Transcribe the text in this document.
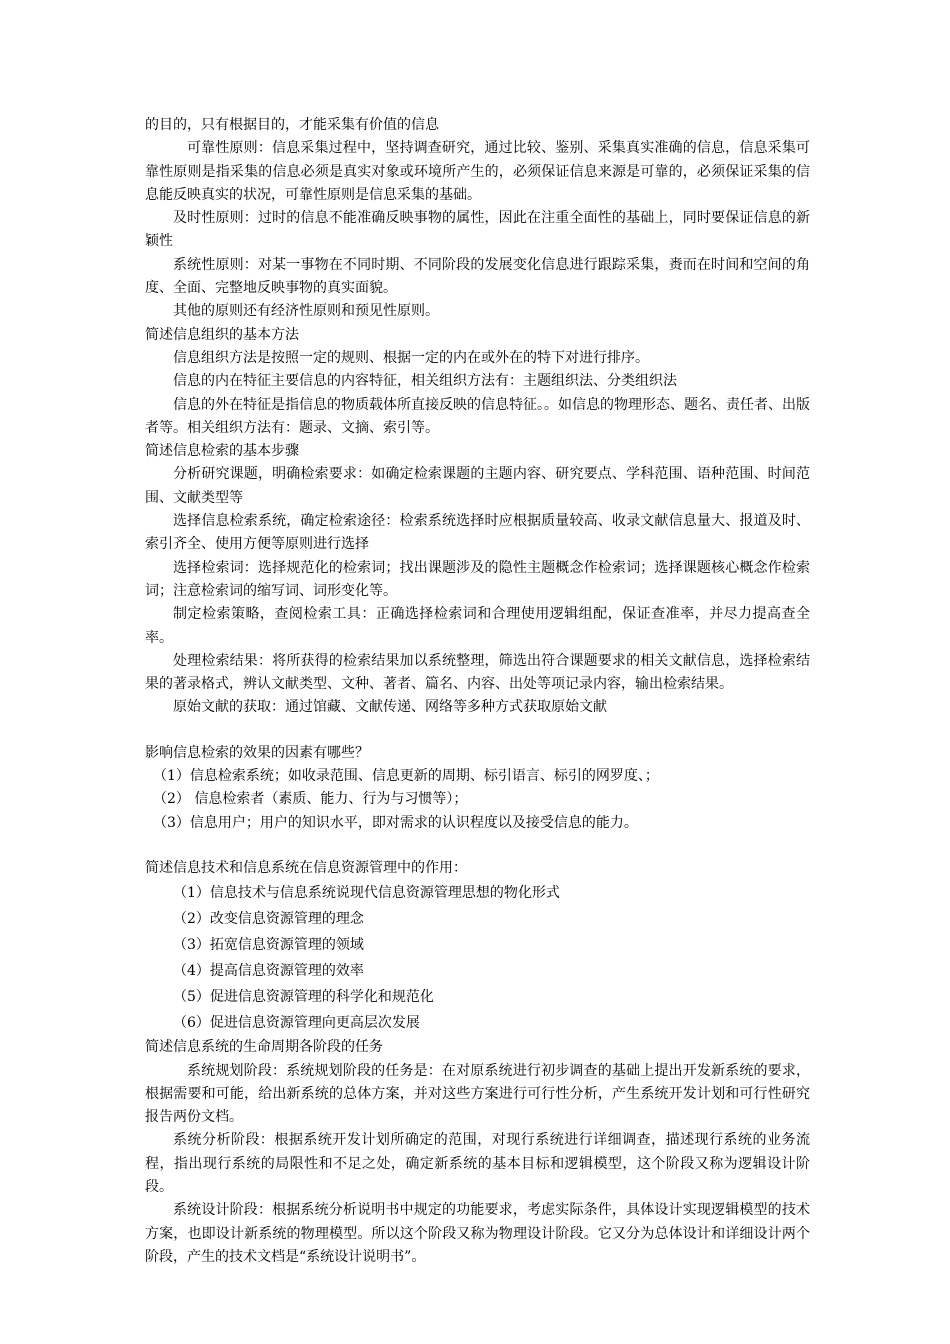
的目的，只有根据目的，才能采集有价值的信息

可靠性原则：信息采集过程中，坚持调查研究，通过比较、鉴别、采集真实准确的信息，信息采集可靠性原则是指采集的信息必须是真实对象或环境所产生的，必须保证信息来源是可靠的，必须保证采集的信息能反映真实的状况，可靠性原则是信息采集的基础。

及时性原则：过时的信息不能准确反映事物的属性，因此在注重全面性的基础上，同时要保证信息的新颖性

系统性原则：对某一事物在不同时期、不同阶段的发展变化信息进行跟踪采集，赉而在时间和空间的角度、全面、完整地反映事物的真实面貌。

其他的原则还有经济性原则和预见性原则。

简述信息组织的基本方法

信息组织方法是按照一定的规则、根据一定的内在或外在的特下对进行排序。

信息的内在特征主要信息的内容特征，相关组织方法有：主题组织法、分类组织法

信息的外在特征是指信息的物质载体所直接反映的信息特征。。如信息的物理形态、题名、责任者、出版者等。相关组织方法有：题录、文摘、索引等。

简述信息检索的基本步骤

分析研究课题，明确检索要求：如确定检索课题的主题内容、研究要点、学科范围、语种范围、时间范围、文献类型等

选择信息检索系统，确定检索途径：检索系统选择时应根据质量较高、收录文献信息量大、报道及时、索引齐全、使用方便等原则进行选择

选择检索词：选择规范化的检索词；找出课题涉及的隐性主题概念作检索词；选择课题核心概念作检索词；注意检索词的缩写词、词形变化等。

制定检索策略，查阅检索工具：正确选择检索词和合理使用逻辑组配，保证查准率，并尽力提高查全率。

处理检索结果：将所获得的检索结果加以系统整理，筛选出符合课题要求的相关文献信息，选择检索结果的著录格式，辨认文献类型、文种、著者、篇名、内容、出处等项记录内容，输出检索结果。

原始文献的获取：通过馆藏、文献传递、网络等多种方式获取原始文献

影响信息检索的效果的因素有哪些？

（1）信息检索系统；如收录范围、信息更新的周期、标引语言、标引的网罗度、；

（2） 信息检索者（素质、能力、行为与习惯等）；

（3）信息用户；用户的知识水平，即对需求的认识程度以及接受信息的能力。

简述信息技术和信息系统在信息资源管理中的作用：

（1）信息技术与信息系统说现代信息资源管理思想的物化形式

（2）改变信息资源管理的理念

（3）拓宽信息资源管理的领域

（4）提高信息资源管理的效率

（5）促进信息资源管理的科学化和规范化

（6）促进信息资源管理向更高层次发展

简述信息系统的生命周期各阶段的任务

系统规划阶段：系统规划阶段的任务是：在对原系统进行初步调查的基础上提出开发新系统的要求，根据需要和可能，给出新系统的总体方案，并对这些方案进行可行性分析，产生系统开发计划和可行性研究报告两份文档。

系统分析阶段：根据系统开发计划所确定的范围，对现行系统进行详细调查，描述现行系统的业务流程，指出现行系统的局限性和不足之处，确定新系统的基本目标和逻辑模型，这个阶段又称为逻辑设计阶段。

系统设计阶段：根据系统分析说明书中规定的功能要求，考虑实际条件，具体设计实现逻辑模型的技术方案，也即设计新系统的物理模型。所以这个阶段又称为物理设计阶段。它又分为总体设计和详细设计两个阶段，产生的技术文档是“系统设计说明书”。
